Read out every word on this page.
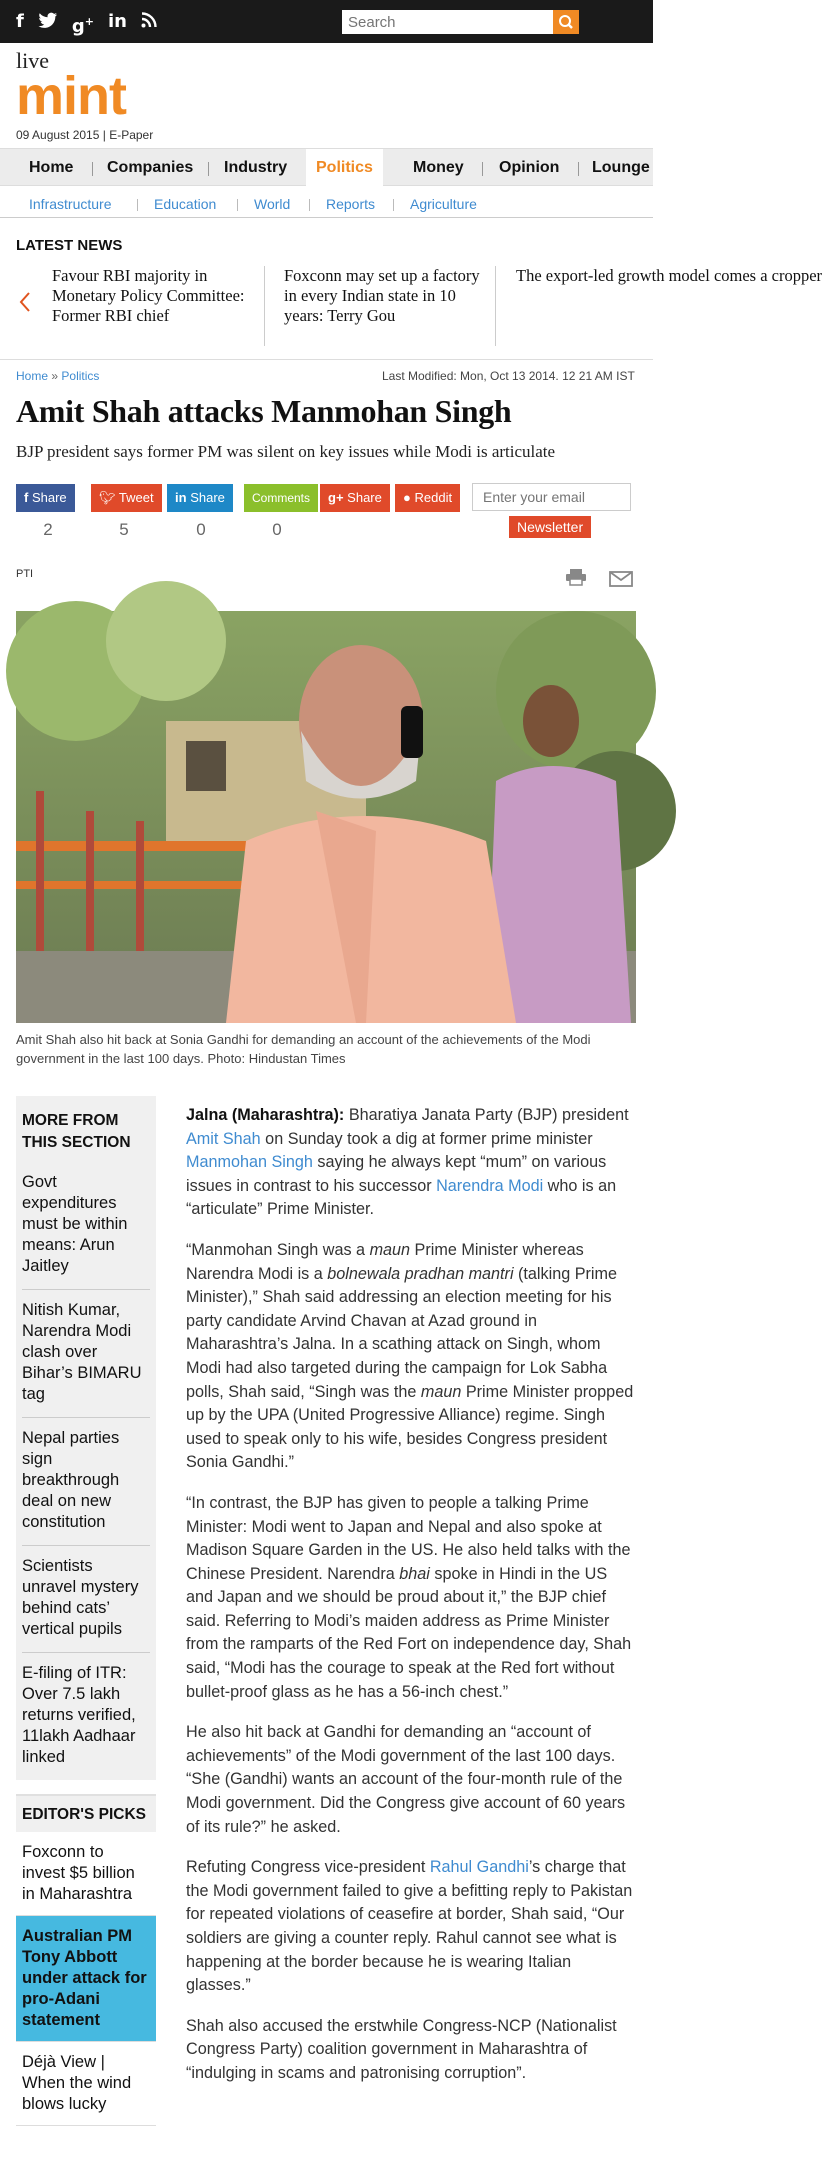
f	g+ in
Search
live
mint
09 August 2015 | E-Paper
Home Companies Industry	Politics	Money Opinion Lounge
Infrastructure	Education	World	Reports Agriculture
LATEST NEWS
Favour RBI majority in Monetary Policy Committee: Former RBI chief
Foxconn may set up a factory in every Indian state in 10 years: Terry Gou
The export-led growth model comes a cropper
Home » Politics	Last Modified: Mon, Oct 13 2014. 12 21 AM IST
Amit Shah attacks Manmohan Singh
BJP president says former PM was silent on key issues while Modi is articulate
f Share	🐦︎ Tweet	in Share	Comments	g+ Share	● Reddit
2	5	0	0
Enter your email	Newsletter
PTI
Amit Shah also hit back at Sonia Gandhi for demanding an account of the achievements of the Modi government in the last 100 days. Photo: Hindustan Times
MORE FROM THIS SECTION
Govt expenditures must be within means: Arun Jaitley
Nitish Kumar, Narendra Modi clash over Bihar’s BIMARU tag
Nepal parties sign breakthrough deal on new constitution
Scientists unravel mystery behind cats’ vertical pupils
E-filing of ITR: Over 7.5 lakh returns verified, 11lakh Aadhaar linked
EDITOR'S PICKS
Foxconn to invest $5 billion in Maharashtra
Australian PM Tony Abbott under attack for pro-Adani statement
Déjà View | When the wind blows lucky

Jalna (Maharashtra): Bharatiya Janata Party (BJP) president Amit Shah on Sunday took a dig at former prime minister Manmohan Singh saying he always kept “mum” on various issues in contrast to his successor Narendra Modi who is an “articulate” Prime Minister.

“Manmohan Singh was a maun Prime Minister whereas Narendra Modi is a bolnewala pradhan mantri (talking Prime Minister),” Shah said addressing an election meeting for his party candidate Arvind Chavan at Azad ground in Maharashtra’s Jalna. In a scathing attack on Singh, whom Modi had also targeted during the campaign for Lok Sabha polls, Shah said, “Singh was the maun Prime Minister propped up by the UPA (United Progressive Alliance) regime. Singh used to speak only to his wife, besides Congress president Sonia Gandhi.”

“In contrast, the BJP has given to people a talking Prime Minister: Modi went to Japan and Nepal and also spoke at Madison Square Garden in the US. He also held talks with the Chinese President. Narendra bhai spoke in Hindi in the US and Japan and we should be proud about it,” the BJP chief said. Referring to Modi’s maiden address as Prime Minister from the ramparts of the Red Fort on independence day, Shah said, “Modi has the courage to speak at the Red fort without bullet-proof glass as he has a 56-inch chest.”

He also hit back at Gandhi for demanding an “account of achievements” of the Modi government of the last 100 days. “She (Gandhi) wants an account of the four-month rule of the Modi government. Did the Congress give account of 60 years of its rule?” he asked.

Refuting Congress vice-president Rahul Gandhi’s charge that the Modi government failed to give a befitting reply to Pakistan for repeated violations of ceasefire at border, Shah said, “Our soldiers are giving a counter reply. Rahul cannot see what is happening at the border because he is wearing Italian glasses.”

Shah also accused the erstwhile Congress-NCP (Nationalist Congress Party) coalition government in Maharashtra of “indulging in scams and patronising corruption”.
